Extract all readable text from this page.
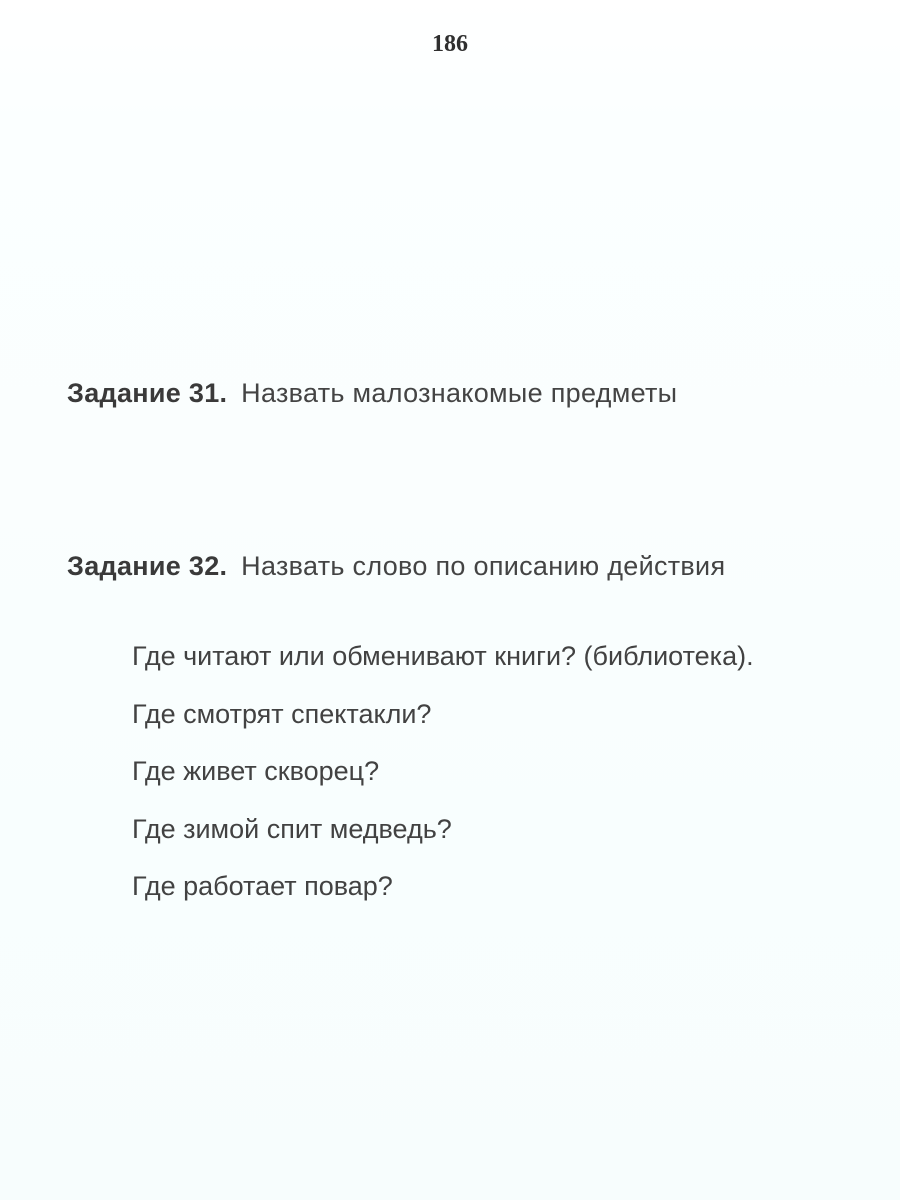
186
Задание 31. Назвать малознакомые предметы
Задание 32. Назвать слово по описанию действия
Где читают или обменивают книги? (библиотека).
Где смотрят спектакли?
Где живет скворец?
Где зимой спит медведь?
Где работает повар?
